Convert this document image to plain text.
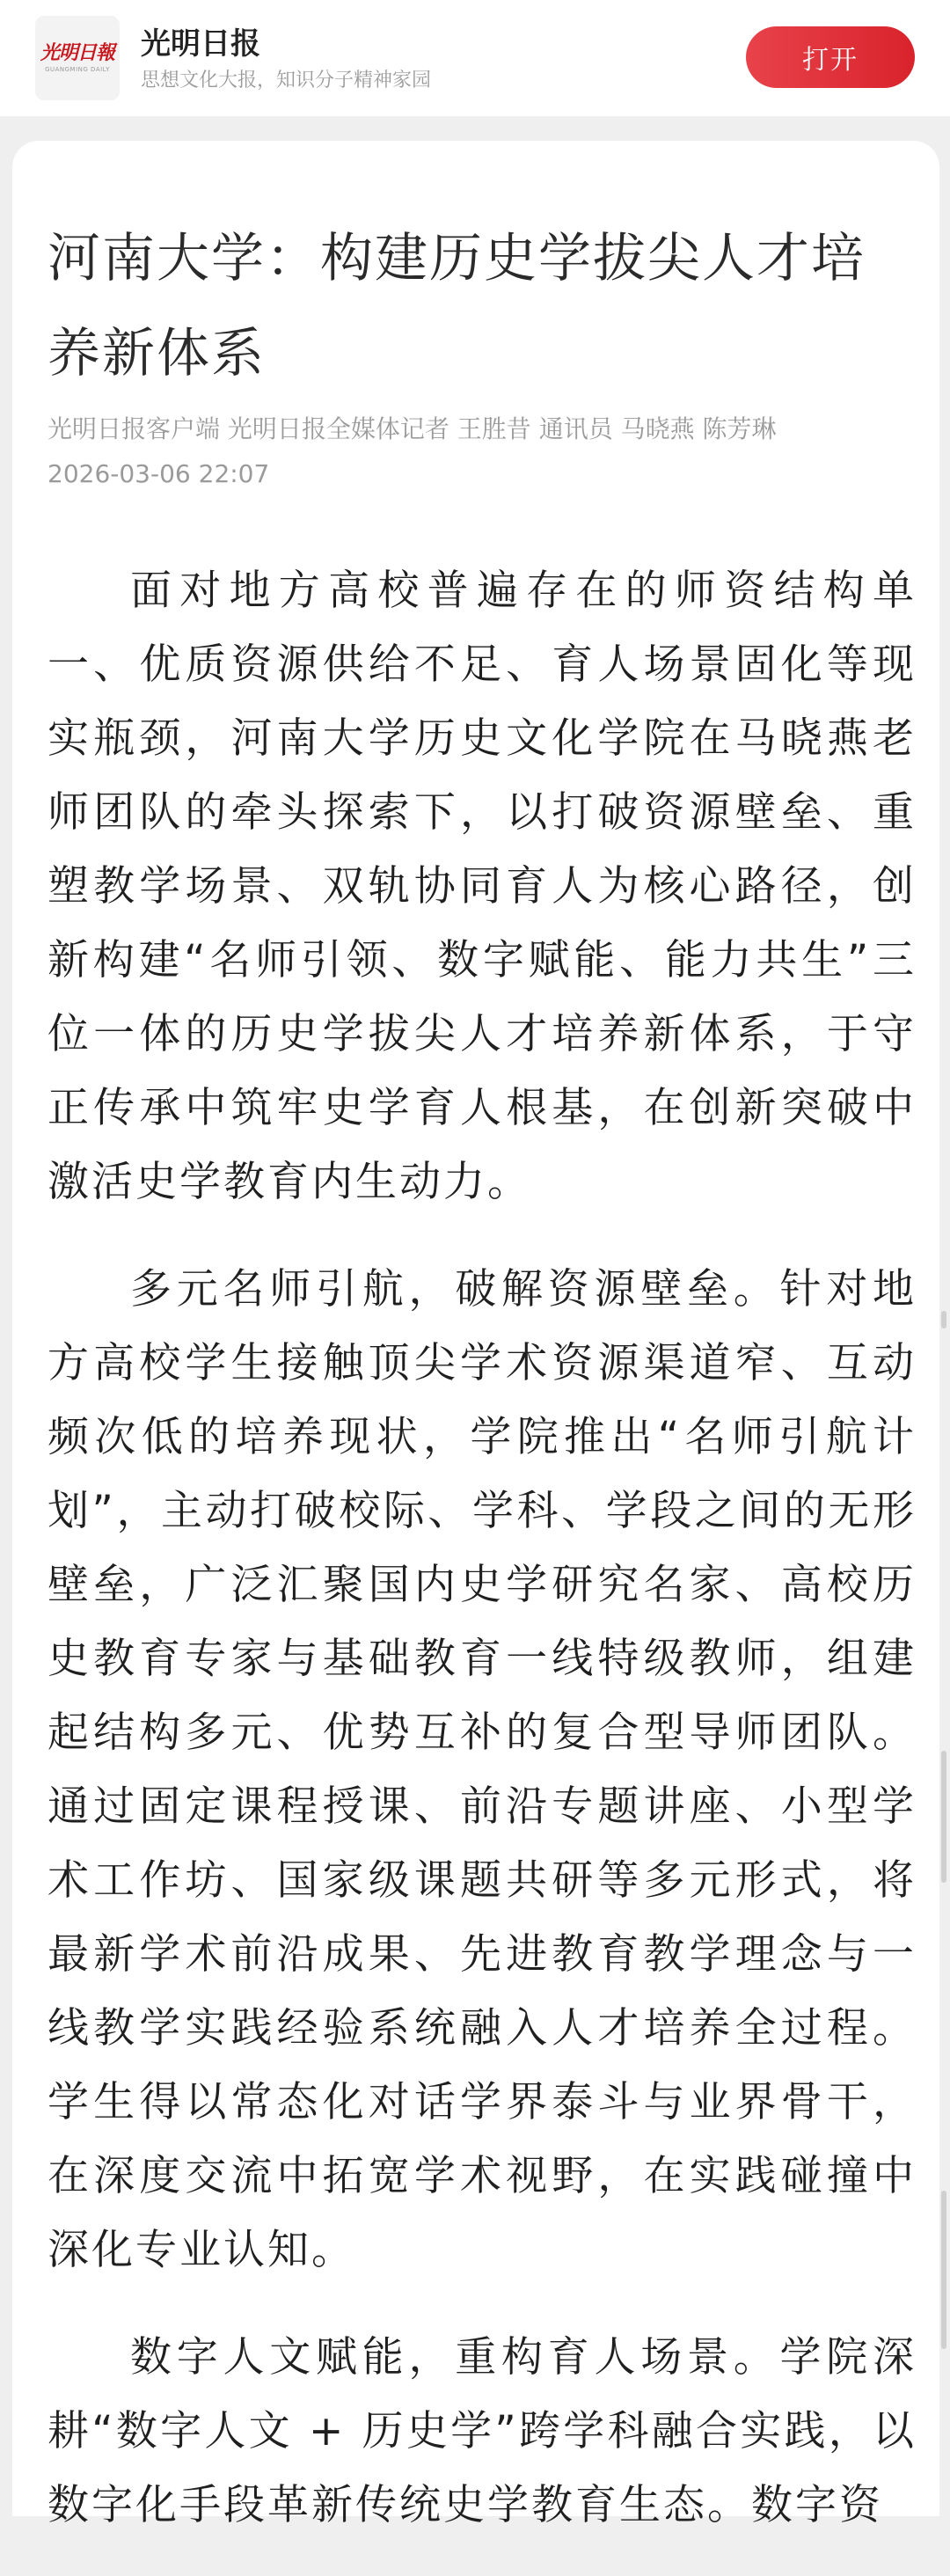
光明日報
GUANGMING DAILY
光明日报
思想文化大报，知识分子精神家园
打开
河南大学：构建历史学拔尖人才培养新体系
光明日报客户端 光明日报全媒体记者 王胜昔 通讯员 马晓燕 陈芳琳
2026-03-06 22:07

面对地方高校普遍存在的师资结构单一、优质资源供给不足、育人场景固化等现实瓶颈，河南大学历史文化学院在马晓燕老师团队的牵头探索下，以打破资源壁垒、重塑教学场景、双轨协同育人为核心路径，创新构建“名师引领、数字赋能、能力共生”三位一体的历史学拔尖人才培养新体系，于守正传承中筑牢史学育人根基，在创新突破中激活史学教育内生动力。

多元名师引航，破解资源壁垒。针对地方高校学生接触顶尖学术资源渠道窄、互动频次低的培养现状，学院推出“名师引航计划”，主动打破校际、学科、学段之间的无形壁垒，广泛汇聚国内史学研究名家、高校历史教育专家与基础教育一线特级教师，组建起结构多元、优势互补的复合型导师团队。通过固定课程授课、前沿专题讲座、小型学术工作坊、国家级课题共研等多元形式，将最新学术前沿成果、先进教育教学理念与一线教学实践经验系统融入人才培养全过程。学生得以常态化对话学界泰斗与业界骨干，在深度交流中拓宽学术视野，在实践碰撞中深化专业认知。

数字人文赋能，重构育人场景。学院深耕“数字人文 + 历史学”跨学科融合实践，以数字化手段革新传统史学教育生态。数字资
